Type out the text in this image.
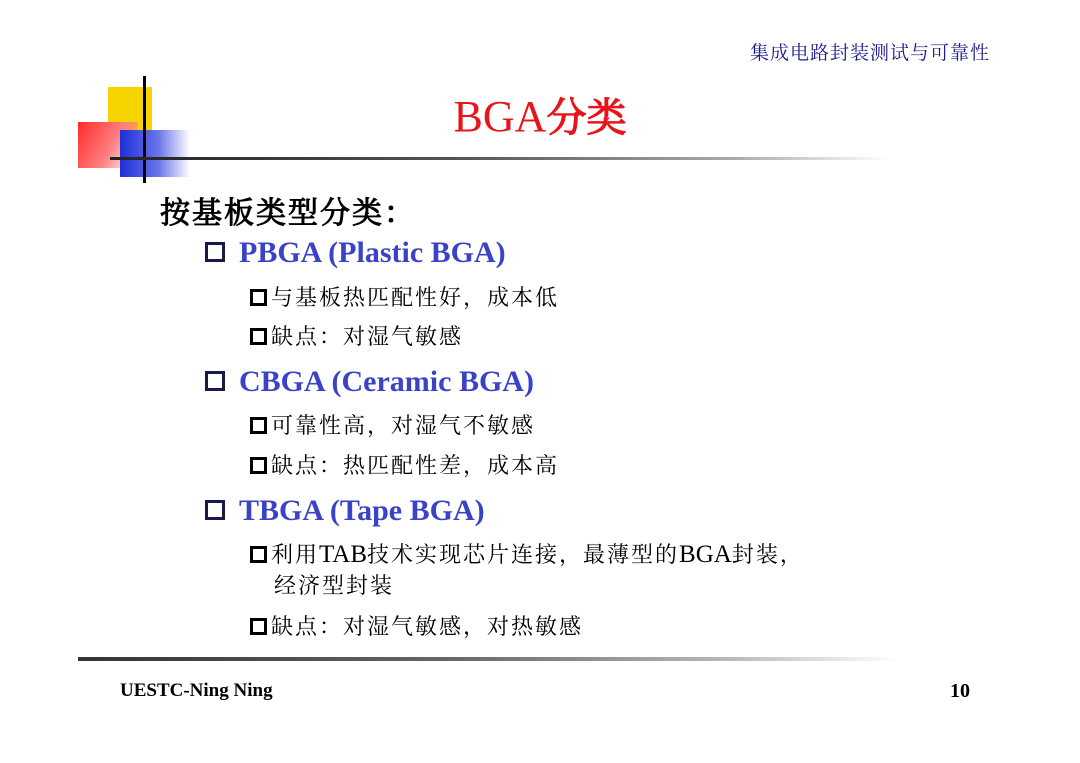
集成电路封装测试与可靠性
BGA分类
按基板类型分类：
PBGA (Plastic BGA)
与基板热匹配性好，成本低
缺点：对湿气敏感
CBGA (Ceramic BGA)
可靠性高，对湿气不敏感
缺点：热匹配性差，成本高
TBGA (Tape BGA)
利用TAB技术实现芯片连接，最薄型的BGA封装，
经济型封装
缺点：对湿气敏感，对热敏感
UESTC-Ning Ning	10
